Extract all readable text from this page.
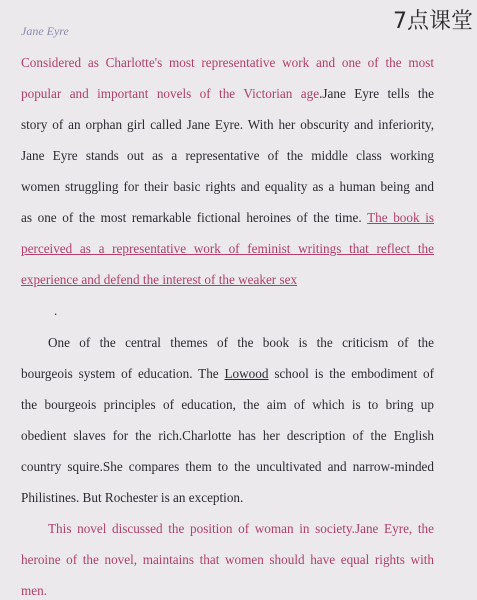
7点课堂
Jane Eyre
Considered as Charlotte's most representative work and one of the most
popular and important novels of the Victorian age.Jane Eyre tells the
story of an orphan girl called Jane Eyre. With her obscurity and inferiority,
Jane Eyre stands out as a representative of the middle class working
women struggling for their basic rights and equality as a human being and
as one of the most remarkable fictional heroines of the time. The book is
perceived as a representative work of feminist writings that reflect the
experience and defend the interest of the weaker sex
.
One of the central themes of the book is the criticism of the
bourgeois system of education. The Lowood school is the embodiment of
the bourgeois principles of education, the aim of which is to bring up
obedient slaves for the rich.Charlotte has her description of the English
country squire.She compares them to the uncultivated and narrow-minded
Philistines. But Rochester is an exception.
This novel discussed the position of woman in society.Jane Eyre, the
heroine of the novel, maintains that women should have equal rights with
men.
